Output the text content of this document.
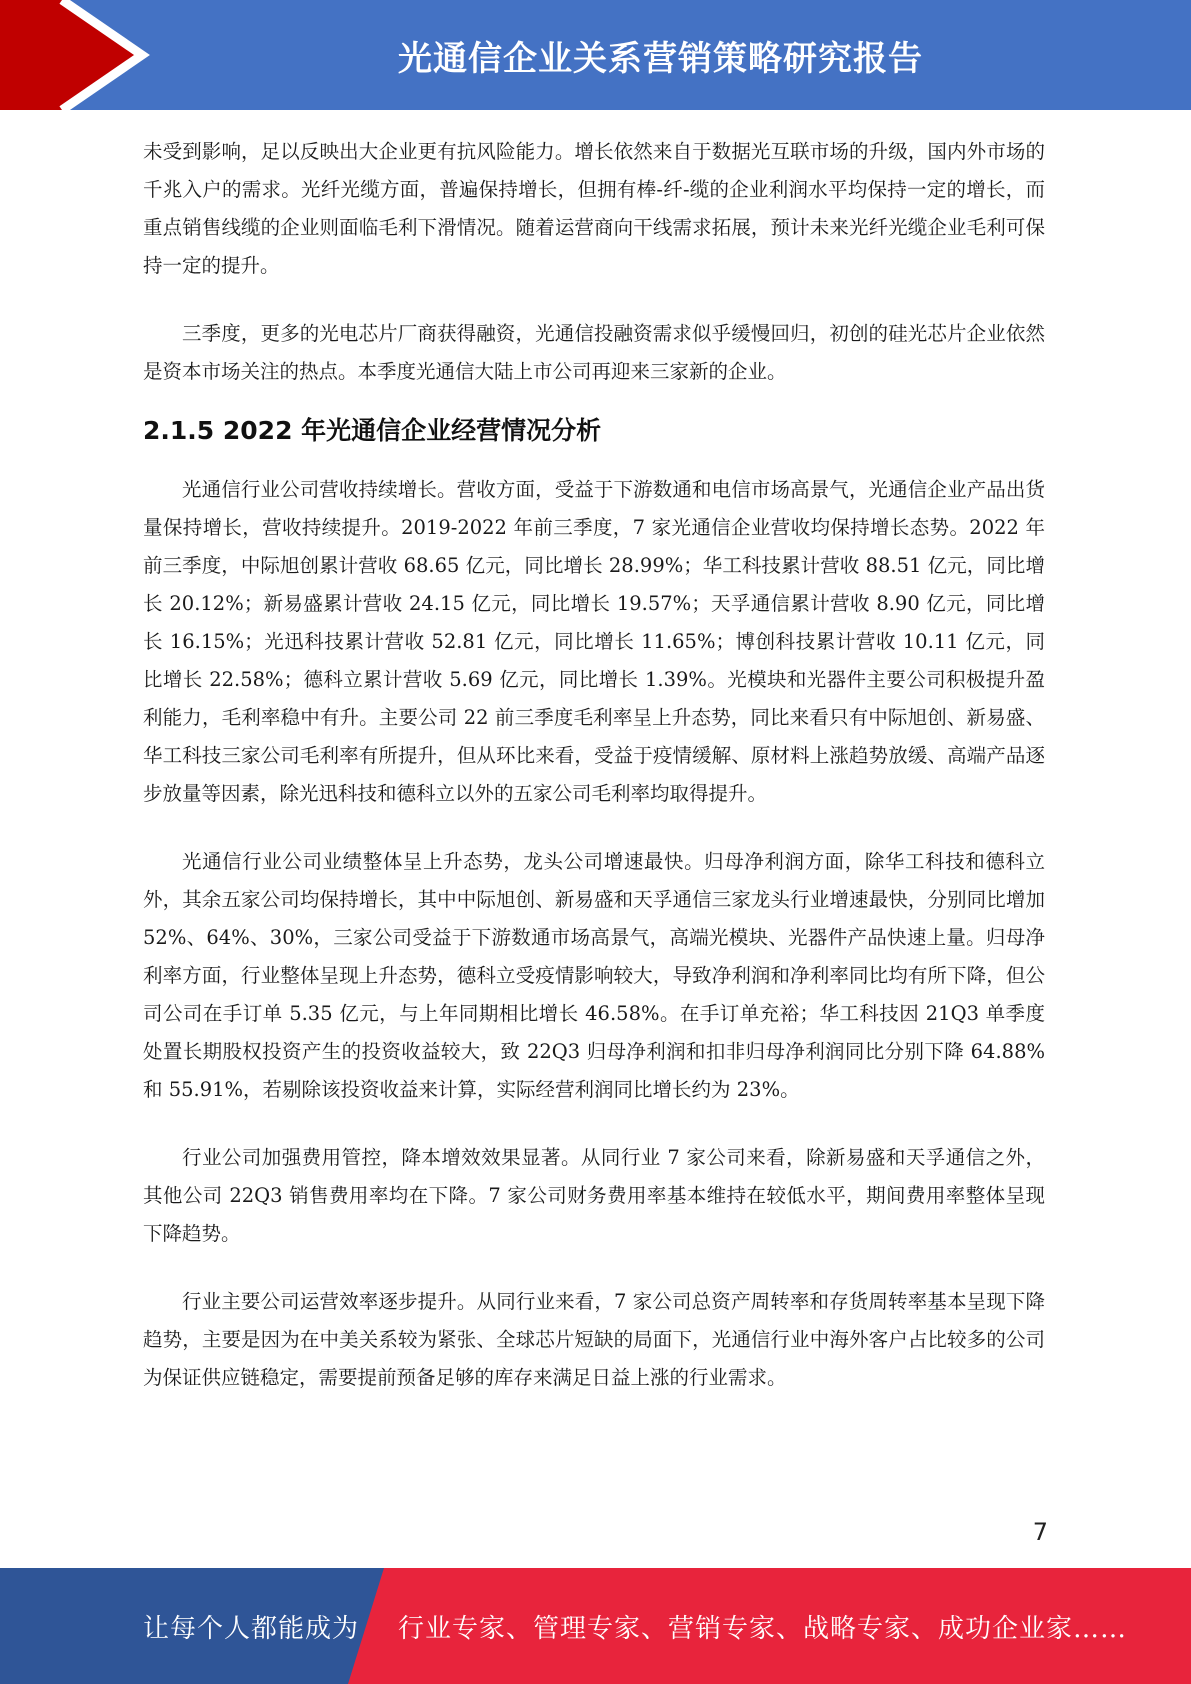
光通信企业关系营销策略研究报告

未受到影响，足以反映出大企业更有抗风险能力。增长依然来自于数据光互联市场的升级，国内外市场的千兆入户的需求。光纤光缆方面，普遍保持增长，但拥有棒-纤-缆的企业利润水平均保持一定的增长，而重点销售线缆的企业则面临毛利下滑情况。随着运营商向干线需求拓展，预计未来光纤光缆企业毛利可保持一定的提升。

三季度，更多的光电芯片厂商获得融资，光通信投融资需求似乎缓慢回归，初创的硅光芯片企业依然是资本市场关注的热点。本季度光通信大陆上市公司再迎来三家新的企业。

2.1.5 2022 年光通信企业经营情况分析

光通信行业公司营收持续增长。营收方面，受益于下游数通和电信市场高景气，光通信企业产品出货量保持增长，营收持续提升。2019-2022 年前三季度，7 家光通信企业营收均保持增长态势。2022 年前三季度，中际旭创累计营收 68.65 亿元，同比增长 28.99%；华工科技累计营收 88.51 亿元，同比增长 20.12%；新易盛累计营收 24.15 亿元，同比增长 19.57%；天孚通信累计营收 8.90 亿元，同比增长 16.15%；光迅科技累计营收 52.81 亿元，同比增长 11.65%；博创科技累计营收 10.11 亿元，同比增长 22.58%；德科立累计营收 5.69 亿元，同比增长 1.39%。光模块和光器件主要公司积极提升盈利能力，毛利率稳中有升。主要公司 22 前三季度毛利率呈上升态势，同比来看只有中际旭创、新易盛、华工科技三家公司毛利率有所提升，但从环比来看，受益于疫情缓解、原材料上涨趋势放缓、高端产品逐步放量等因素，除光迅科技和德科立以外的五家公司毛利率均取得提升。

光通信行业公司业绩整体呈上升态势，龙头公司增速最快。归母净利润方面，除华工科技和德科立外，其余五家公司均保持增长，其中中际旭创、新易盛和天孚通信三家龙头行业增速最快，分别同比增加 52%、64%、30%，三家公司受益于下游数通市场高景气，高端光模块、光器件产品快速上量。归母净利率方面，行业整体呈现上升态势，德科立受疫情影响较大，导致净利润和净利率同比均有所下降，但公司公司在手订单 5.35 亿元，与上年同期相比增长 46.58%。在手订单充裕；华工科技因 21Q3 单季度处置长期股权投资产生的投资收益较大，致 22Q3 归母净利润和扣非归母净利润同比分别下降 64.88%和 55.91%，若剔除该投资收益来计算，实际经营利润同比增长约为 23%。

行业公司加强费用管控，降本增效效果显著。从同行业 7 家公司来看，除新易盛和天孚通信之外，其他公司 22Q3 销售费用率均在下降。7 家公司财务费用率基本维持在较低水平，期间费用率整体呈现下降趋势。

行业主要公司运营效率逐步提升。从同行业来看，7 家公司总资产周转率和存货周转率基本呈现下降趋势，主要是因为在中美关系较为紧张、全球芯片短缺的局面下，光通信行业中海外客户占比较多的公司为保证供应链稳定，需要提前预备足够的库存来满足日益上涨的行业需求。

7
让每个人都能成为 行业专家、管理专家、营销专家、战略专家、成功企业家……
